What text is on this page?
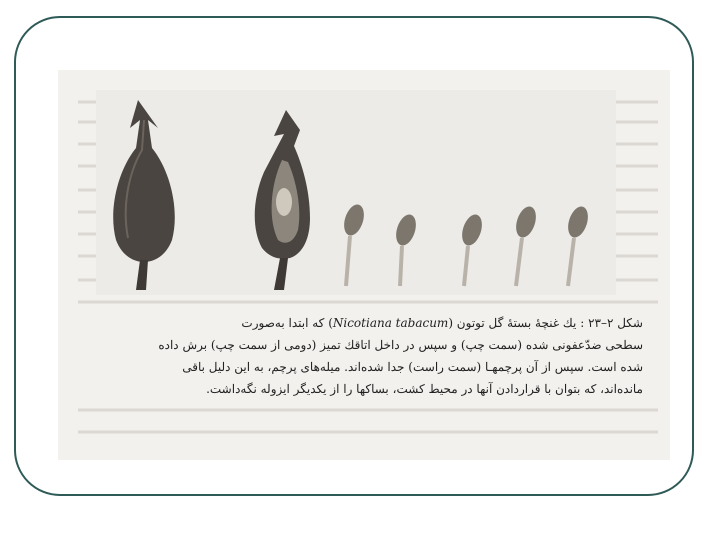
شکل ۲–۲۳ : یك غنچهٔ بستهٔ گل توتون (Nicotiana tabacum) که ابتدا به‌صورت
سطحی ضدّعفونی شده (سمت چپ) و سپس در داخل اتاقك تمیز (دومی از سمت چپ) برش داده
شده است. سپس از آن پرچمهـا (سمت راست) جدا شده‌اند. میله‌های پرچم، به این دلیل باقی
مانده‌اند، که بتوان با قراردادن آنها در محیط کشت، بساکها را از یکدیگر ایزوله نگه‌داشت.
